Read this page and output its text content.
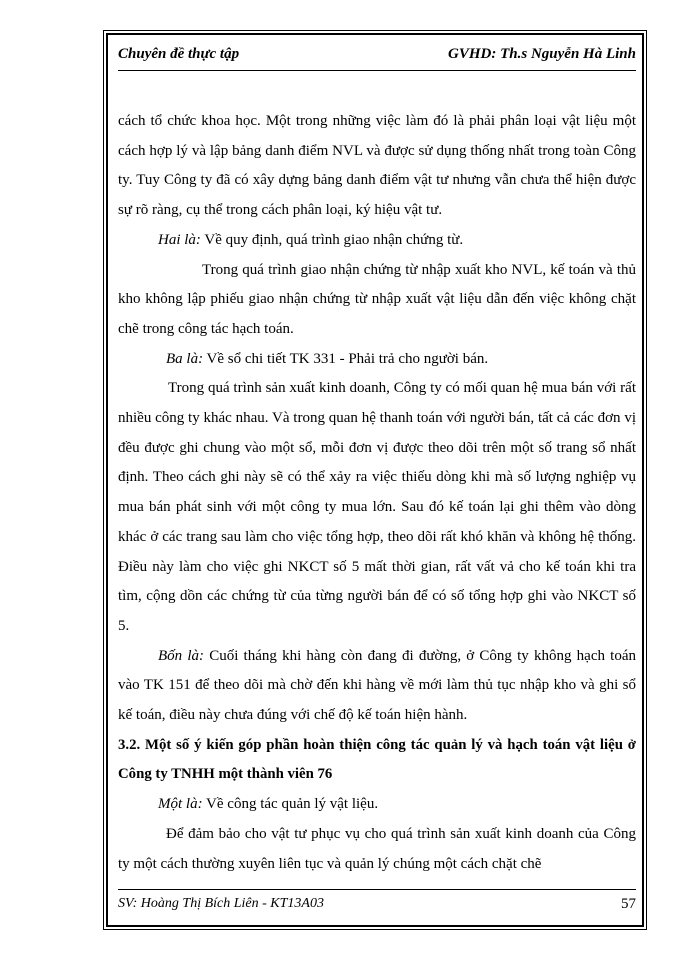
Chuyên đề thực tập	GVHD: Th.s Nguyễn Hà Linh

cách tổ chức khoa học. Một trong những việc làm đó là phải phân loại vật liệu một cách hợp lý và lập bảng danh điểm NVL và được sử dụng thống nhất trong toàn Công ty. Tuy Công ty đã có xây dựng bảng danh điểm vật tư nhưng vẫn chưa thể hiện được sự rõ ràng, cụ thể trong cách phân loại, ký hiệu vật tư.

Hai là: Về quy định, quá trình giao nhận chứng từ.

Trong quá trình giao nhận chứng từ nhập xuất kho NVL, kế toán và thủ kho không lập phiếu giao nhận chứng từ nhập xuất vật liệu dẫn đến việc không chặt chẽ trong công tác hạch toán.

Ba là: Về sổ chi tiết TK 331 - Phải trả cho người bán.

Trong quá trình sản xuất kinh doanh, Công ty có mối quan hệ mua bán với rất nhiều công ty khác nhau. Và trong quan hệ thanh toán với người bán, tất cả các đơn vị đều được ghi chung vào một sổ, mỗi đơn vị được theo dõi trên một số trang sổ nhất định. Theo cách ghi này sẽ có thể xảy ra việc thiếu dòng khi mà số lượng nghiệp vụ mua bán phát sinh với một công ty mua lớn. Sau đó kế toán lại ghi thêm vào dòng khác ở các trang sau làm cho việc tổng hợp, theo dõi rất khó khăn và không hệ thống. Điều này làm cho việc ghi NKCT số 5 mất thời gian, rất vất vả cho kế toán khi tra tìm, cộng dồn các chứng từ của từng người bán để có số tổng hợp ghi vào NKCT số 5.

Bốn là: Cuối tháng khi hàng còn đang đi đường, ở Công ty không hạch toán vào TK 151 để theo dõi mà chờ đến khi hàng về mới làm thủ tục nhập kho và ghi sổ kế toán, điều này chưa đúng với chế độ kế toán hiện hành.

3.2. Một số ý kiến góp phần hoàn thiện công tác quản lý và hạch toán vật liệu ở Công ty TNHH một thành viên 76

Một là: Về công tác quản lý vật liệu.

Để đảm bảo cho vật tư phục vụ cho quá trình sản xuất kinh doanh của Công ty một cách thường xuyên liên tục và quản lý chúng một cách chặt chẽ

SV: Hoàng Thị Bích Liên - KT13A03	57
